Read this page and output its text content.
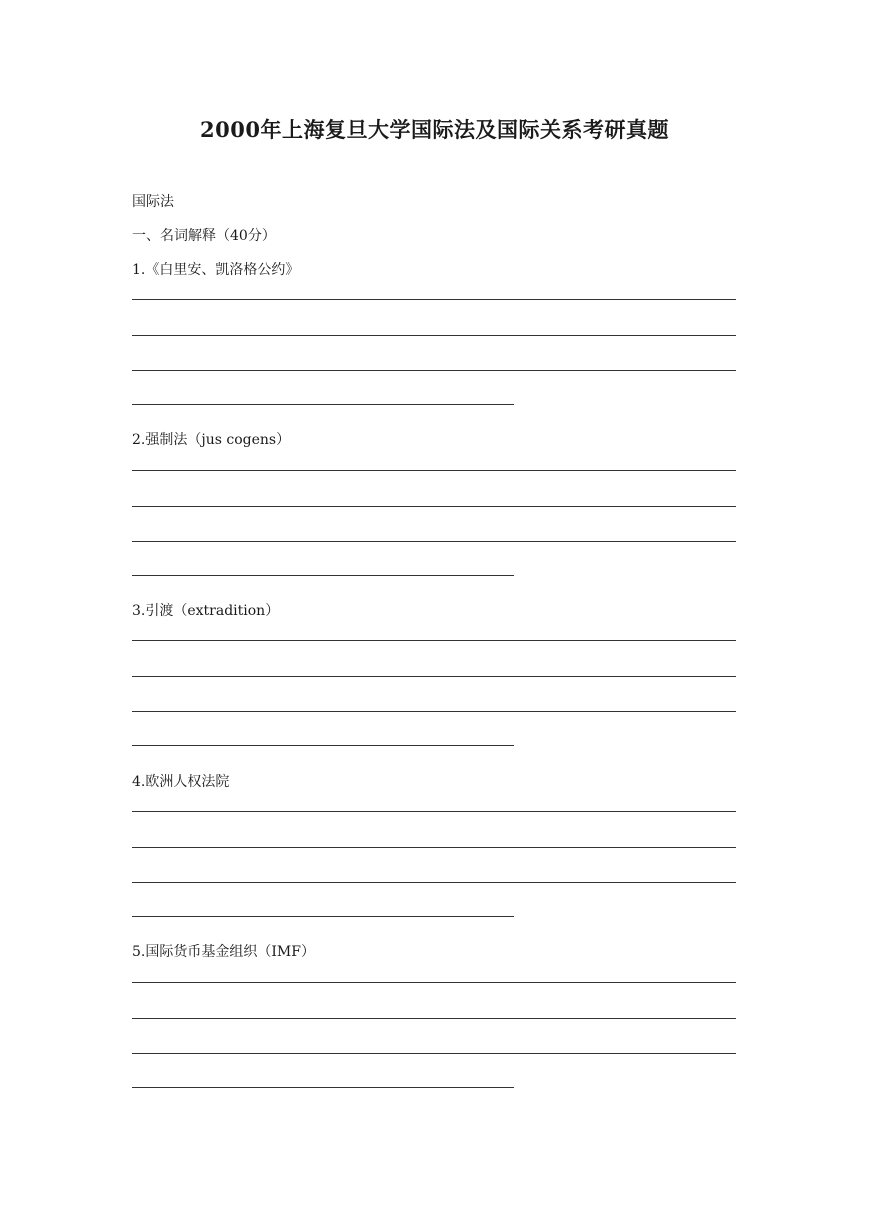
2000年上海复旦大学国际法及国际关系考研真题

国际法

一、名词解释（40分）

1.《白里安、凯洛格公约》

2.强制法（jus cogens）

3.引渡（extradition）

4.欧洲人权法院

5.国际货币基金组织（IMF）
